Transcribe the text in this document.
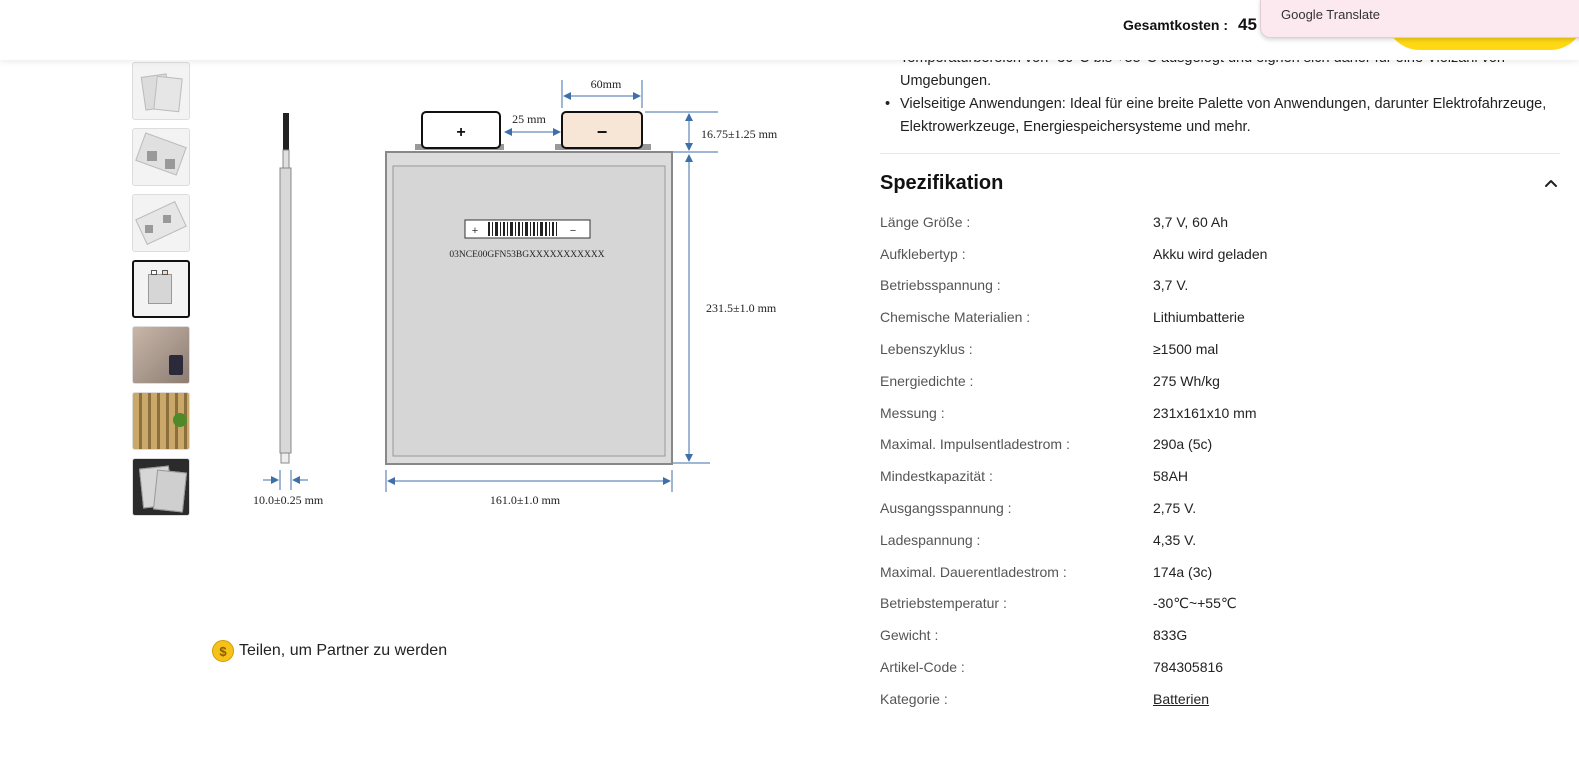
Gesamtkosten : 45
Google Translate
10.0±0.25 mm
+	−
60mm
25 mm
16.75±1.25 mm
231.5±1.0 mm
+	−
03NCE00GFN53BGXXXXXXXXXXX
161.0±1.0 mm
$ Teilen, um Partner zu werden

Umgebungen.
• Vielseitige Anwendungen: Ideal für eine breite Palette von Anwendungen, darunter Elektrofahrzeuge,
Elektrowerkzeuge, Energiespeichersysteme und mehr.
Spezifikation
Länge Größe :	3,7 V, 60 Ah
Aufklebertyp :	Akku wird geladen
Betriebsspannung :	3,7 V.
Chemische Materialien :	Lithiumbatterie
Lebenszyklus :	≥1500 mal
Energiedichte :	275 Wh/kg
Messung :	231x161x10 mm
Maximal. Impulsentladestrom :	290a (5c)
Mindestkapazität :	58AH
Ausgangsspannung :	2,75 V.
Ladespannung :	4,35 V.
Maximal. Dauerentladestrom :	174a (3c)
Betriebstemperatur :	-30℃~+55℃
Gewicht :	833G
Artikel-Code :	784305816
Kategorie :	Batterien
